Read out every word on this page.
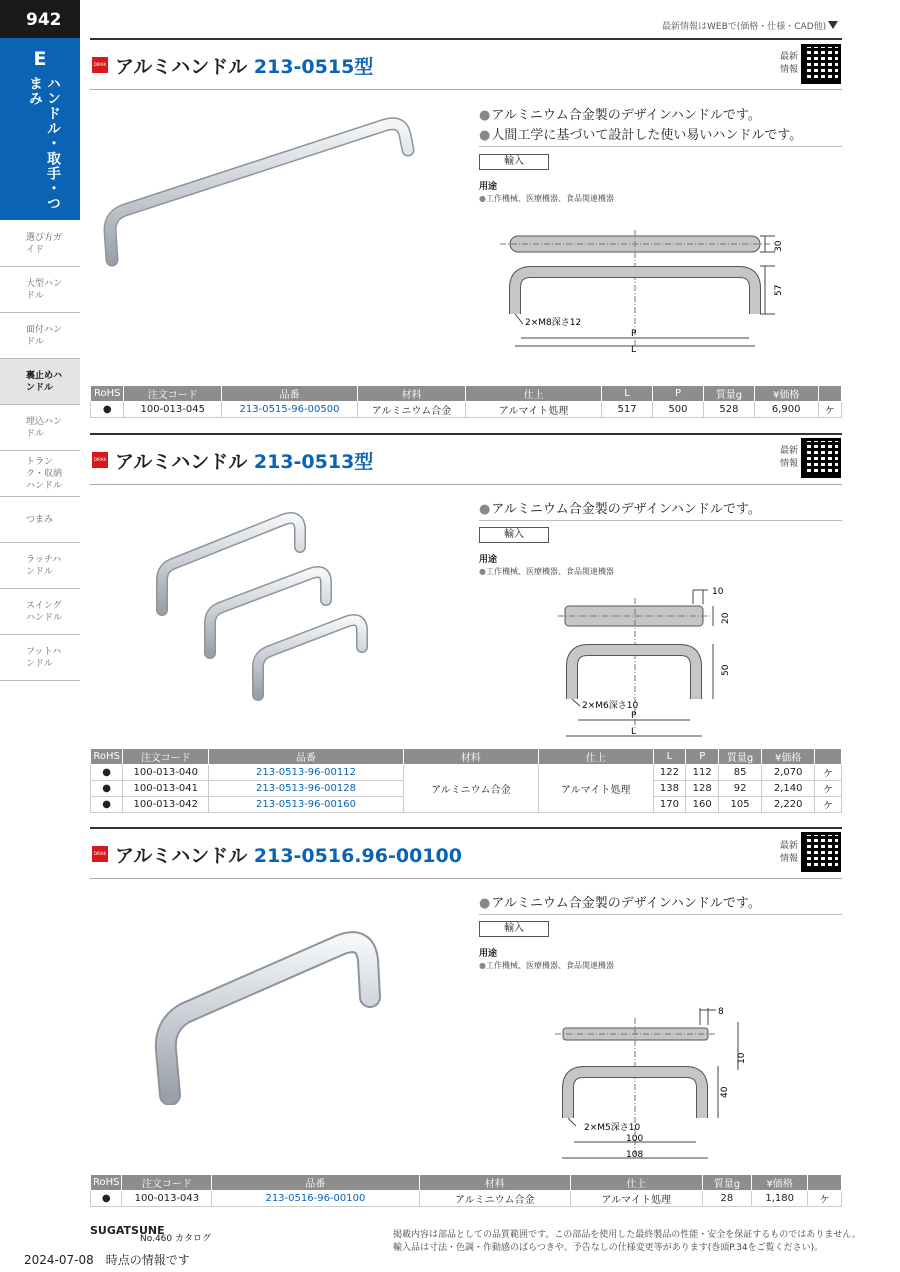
942
E
ハンドル・取手・つまみ
選び方ガイド
大型ハンドル
面付ハンドル
裏止めハンドル
埋込ハンドル
トランク・収納ハンドル
つまみ
ラッチハンドル
スイングハンドル
フットハンドル
最新情報はWEBで(価格・仕様・CAD他)
DIRAK アルミハンドル 213-0515型	最新情報
● アルミニウム合金製のデザインハンドルです。
● 人間工学に基づいて設計した使い易いハンドルです。
輸入
用途
● 工作機械、医療機器、食品関連機器
30
57
P
L
2×M8深さ12
RoHS	注文コード	品番	材料	仕上	L	P	質量g	¥価格	
●	100-013-045	213-0515-96-00500	アルミニウム合金	アルマイト処理	517	500	528	6,900	ケ
DIRAK アルミハンドル 213-0513型	最新情報
● アルミニウム合金製のデザインハンドルです。
輸入
用途
● 工作機械、医療機器、食品関連機器
10
20
50
2×M6深さ10
P
L
RoHS	注文コード	品番	材料	仕上	L	P	質量g	¥価格	
●	100-013-040	213-0513-96-00112	アルミニウム合金	アルマイト処理	122	112	85	2,070	ケ
●	100-013-041	213-0513-96-00128			138	128	92	2,140	ケ
●	100-013-042	213-0513-96-00160			170	160	105	2,220	ケ
DIRAK アルミハンドル 213-0516.96-00100	最新情報
● アルミニウム合金製のデザインハンドルです。
輸入
用途
● 工作機械、医療機器、食品関連機器
8
10
40
2×M5深さ10
100
108
RoHS	注文コード	品番	材料	仕上	質量g	¥価格	
●	100-013-043	213-0516-96-00100	アルミニウム合金	アルマイト処理	28	1,180	ケ
SUGATSUNE
No.460 カタログ	掲載内容は部品としての品質範囲です。この部品を使用した最終製品の性能・安全を保証するものではありません。
輸入品は寸法・色調・作動感のばらつきや、予告なしの仕様変更等があります(巻頭P.34をご覧ください)。
2024-07-08　時点の情報です
